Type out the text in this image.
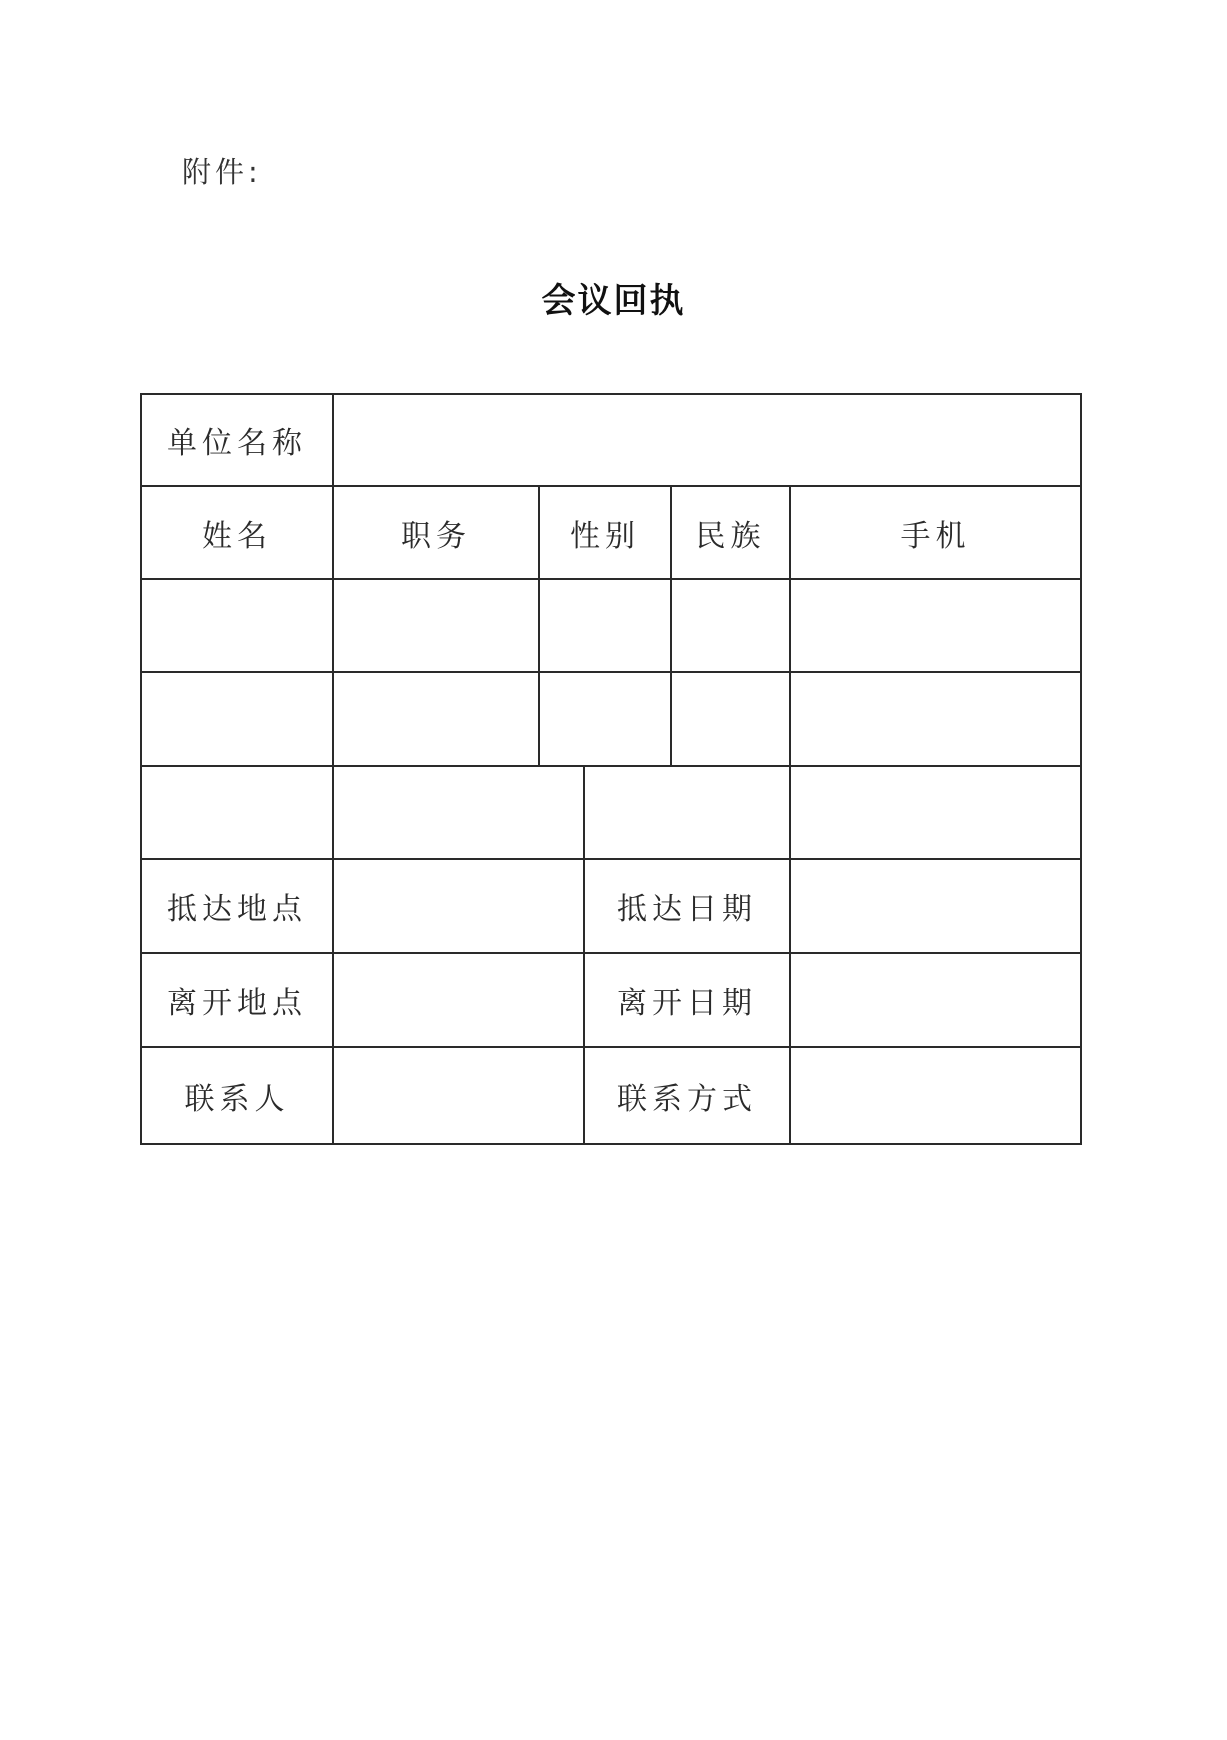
附件:
会议回执
单位名称
姓名	职务	性别	民族	手机
抵达地点	抵达日期
离开地点	离开日期
联系人	联系方式
